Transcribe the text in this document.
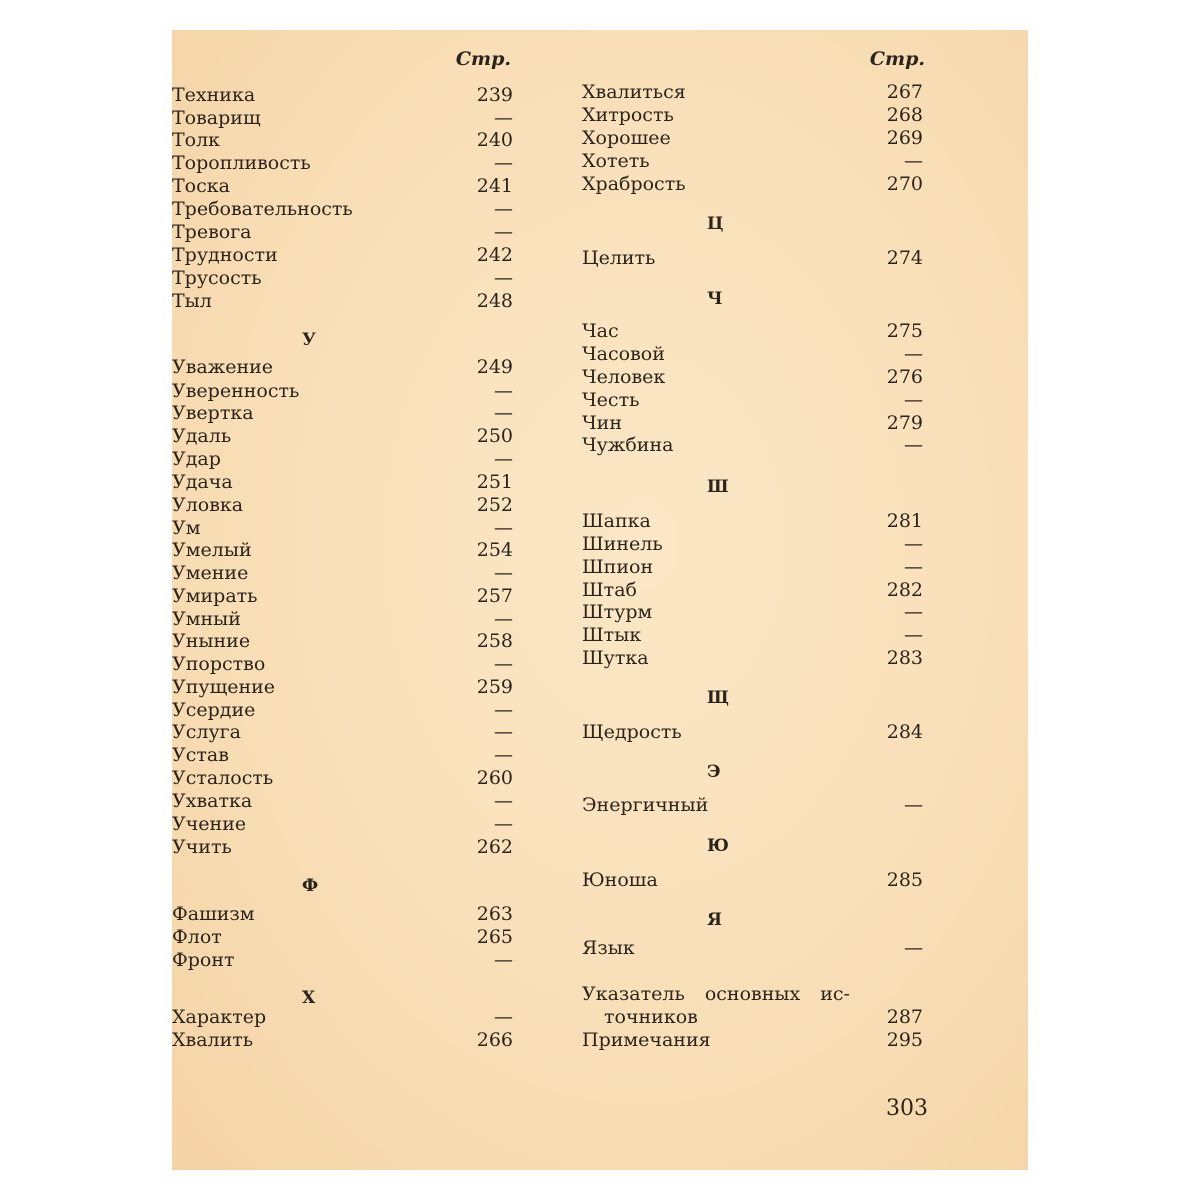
Стр.
Техника	239
Товарищ	—
Толк	240
Торопливость	—
Тоска	241
Требовательность	—
Тревога	—
Трудности	242
Трусость	—
Тыл	248
У
Уважение	249
Уверенность	—
Увертка	—
Удаль	250
Удар	—
Удача	251
Уловка	252
Ум	—
Умелый	254
Умение	—
Умирать	257
Умный	—
Уныние	258
Упорство	—
Упущение	259
Усердие	—
Услуга	—
Устав	—
Усталость	260
Ухватка	—
Учение	—
Учить	262
Ф
Фашизм	263
Флот	265
Фронт	—
Х
Характер	—
Хвалить	266
Стр.
Хвалиться	267
Хитрость	268
Хорошее	269
Хотеть	—
Храбрость	270
Ц
Целить	274
Ч
Час	275
Часовой	—
Человек	276
Честь	—
Чин	279
Чужбина	—
Ш
Шапка	281
Шинель	—
Шпион	—
Штаб	282
Штурм	—
Штык	—
Шутка	283
Щ
Щедрость	284
Э
Энергичный	—
Ю
Юноша	285
Я
Язык	—
Указатель основных ис-
точников	287
Примечания	295
303
